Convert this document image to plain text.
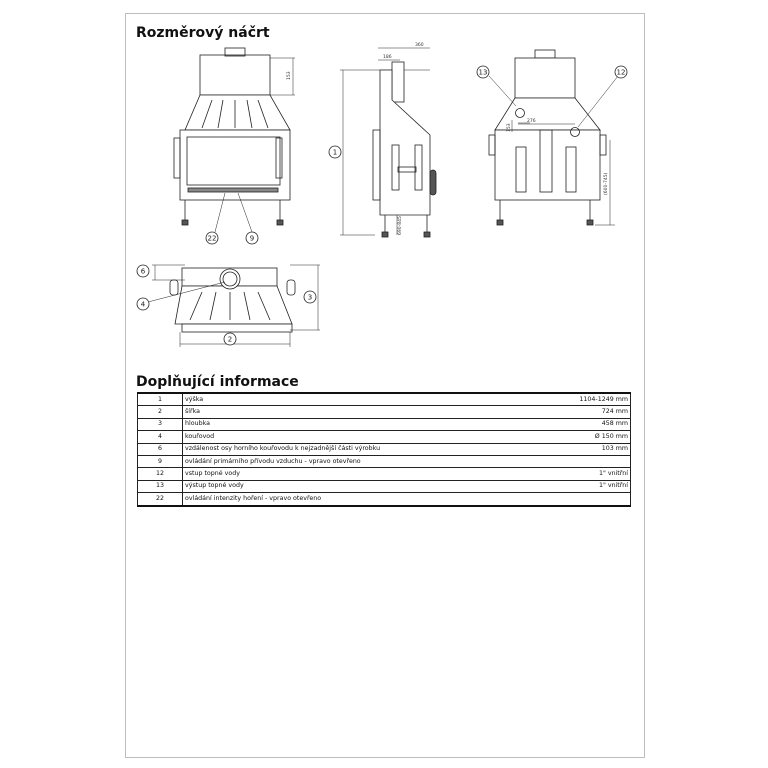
Rozměrový náčrt
153
360
186
690-845
276
153
(600-745)
22	9
1
13	12
6
4
3
2
Doplňující informace
1	výška	1104-1249 mm
2	šířka	724 mm
3	hloubka	458 mm
4	kouřovod	Ø 150 mm
6	vzdálenost osy horního kouřovodu k nejzadnější části výrobku	103 mm
9	ovládání primárního přívodu vzduchu - vpravo otevřeno	
12	vstup topné vody	1" vnitřní
13	výstup topné vody	1" vnitřní
22	ovládání intenzity hoření - vpravo otevřeno	
